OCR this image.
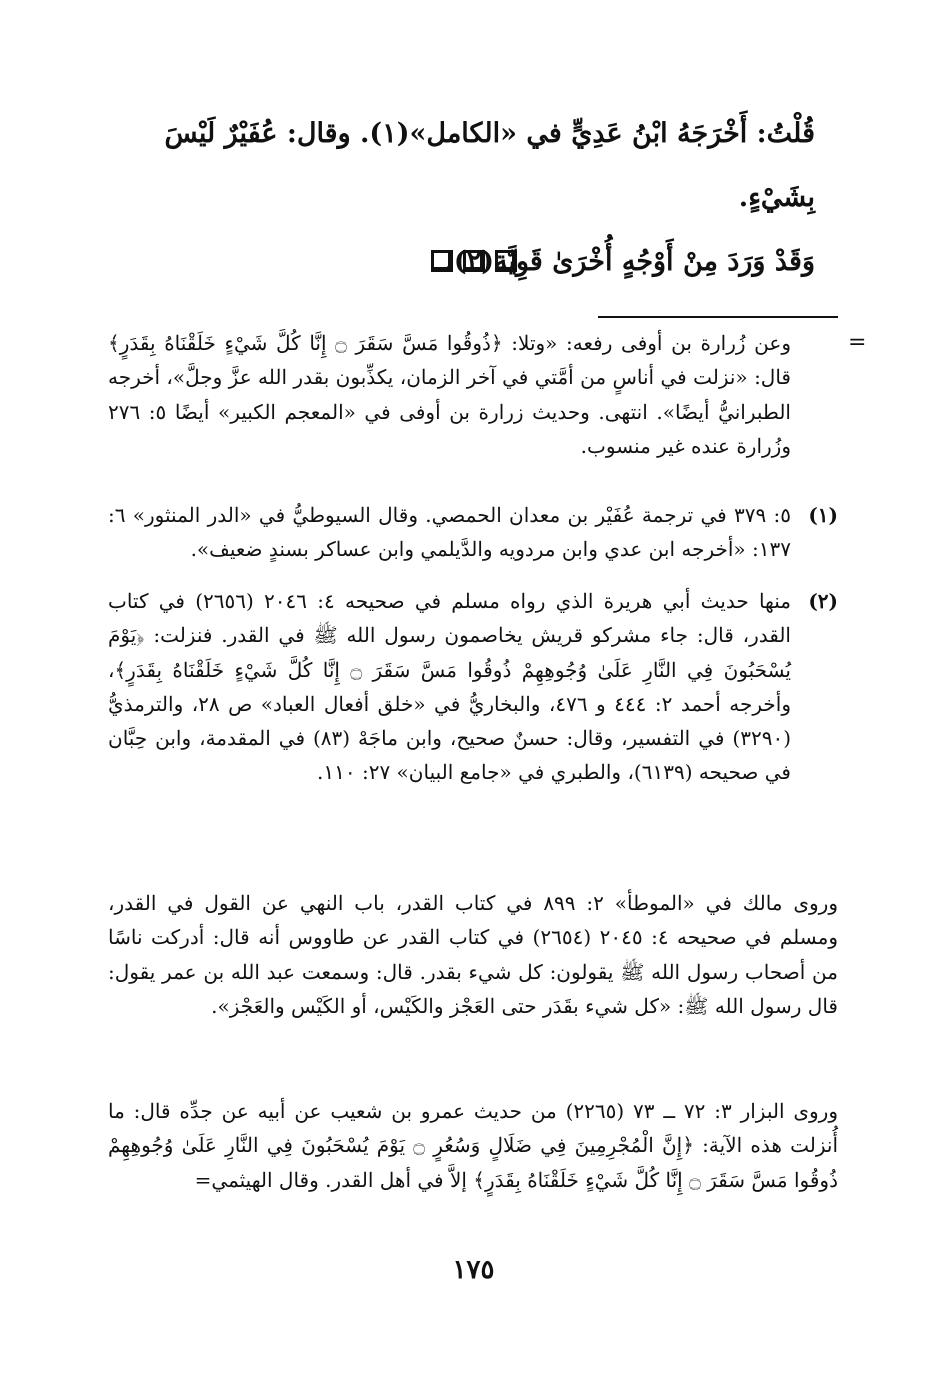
قُلْتُ: أَخْرَجَهُ ابْنُ عَدِيٍّ في «الكامل»(١). وقال: عُفَيْرٌ لَيْسَ بِشَيْءٍ.

وَقَدْ وَرَدَ مِنْ أَوْجُهٍ أُخْرَىٰ قَوِيَّة(٢).

=

وعن زُرارة بن أوفى رفعه: «وتلا: ﴿ذُوقُوا مَسَّ سَقَرَ ۝ إِنَّا كُلَّ شَيْءٍ خَلَقْنَاهُ بِقَدَرٍ﴾ قال: «نزلت في أناسٍ من أمَّتي في آخر الزمان، يكذِّبون بقدر الله عزَّ وجلَّ»، أخرجه الطبرانيُّ أيضًا». انتهى. وحديث زرارة بن أوفى في «المعجم الكبير» أيضًا ٥: ٢٧٦ وزُرارة عنده غير منسوب.

(١)

٥: ٣٧٩ في ترجمة عُفَيْر بن معدان الحمصي. وقال السيوطيُّ في «الدر المنثور» ٦: ١٣٧: «أخرجه ابن عدي وابن مردويه والدَّيلمي وابن عساكر بسندٍ ضعيف».

(٢)

منها حديث أبي هريرة الذي رواه مسلم في صحيحه ٤: ٢٠٤٦ (٢٦٥٦) في كتاب القدر، قال: جاء مشركو قريش يخاصمون رسول الله ﷺ في القدر. فنزلت: ﴿يَوْمَ يُسْحَبُونَ فِي النَّارِ عَلَىٰ وُجُوهِهِمْ ذُوقُوا مَسَّ سَقَرَ ۝ إِنَّا كُلَّ شَيْءٍ خَلَقْنَاهُ بِقَدَرٍ﴾، وأخرجه أحمد ٢: ٤٤٤ و ٤٧٦، والبخاريُّ في «خلق أفعال العباد» ص ٢٨، والترمذيُّ (٣٢٩٠) في التفسير، وقال: حسنٌ صحيح، وابن ماجَهْ (٨٣) في المقدمة، وابن حِبَّان في صحيحه (٦١٣٩)، والطبري في «جامع البيان» ٢٧: ١١٠.

وروى مالك في «الموطأ» ٢: ٨٩٩ في كتاب القدر، باب النهي عن القول في القدر، ومسلم في صحيحه ٤: ٢٠٤٥ (٢٦٥٤) في كتاب القدر عن طاووس أنه قال: أدركت ناسًا من أصحاب رسول الله ﷺ يقولون: كل شيء بقدر. قال: وسمعت عبد الله بن عمر يقول: قال رسول الله ﷺ: «كل شيء بقَدَر حتى العَجْز والكَيْس، أو الكَيْس والعَجْز».

وروى البزار ٣: ٧٢ ــ ٧٣ (٢٢٦٥) من حديث عمرو بن شعيب عن أبيه عن جدِّه قال: ما أُنزلت هذه الآية: ﴿إِنَّ الْمُجْرِمِينَ فِي ضَلَالٍ وَسُعُرٍ ۝ يَوْمَ يُسْحَبُونَ فِي النَّارِ عَلَىٰ وُجُوهِهِمْ ذُوقُوا مَسَّ سَقَرَ ۝ إِنَّا كُلَّ شَيْءٍ خَلَقْنَاهُ بِقَدَرٍ﴾ إلاَّ في أهل القدر. وقال الهيثمي=

١٧٥
